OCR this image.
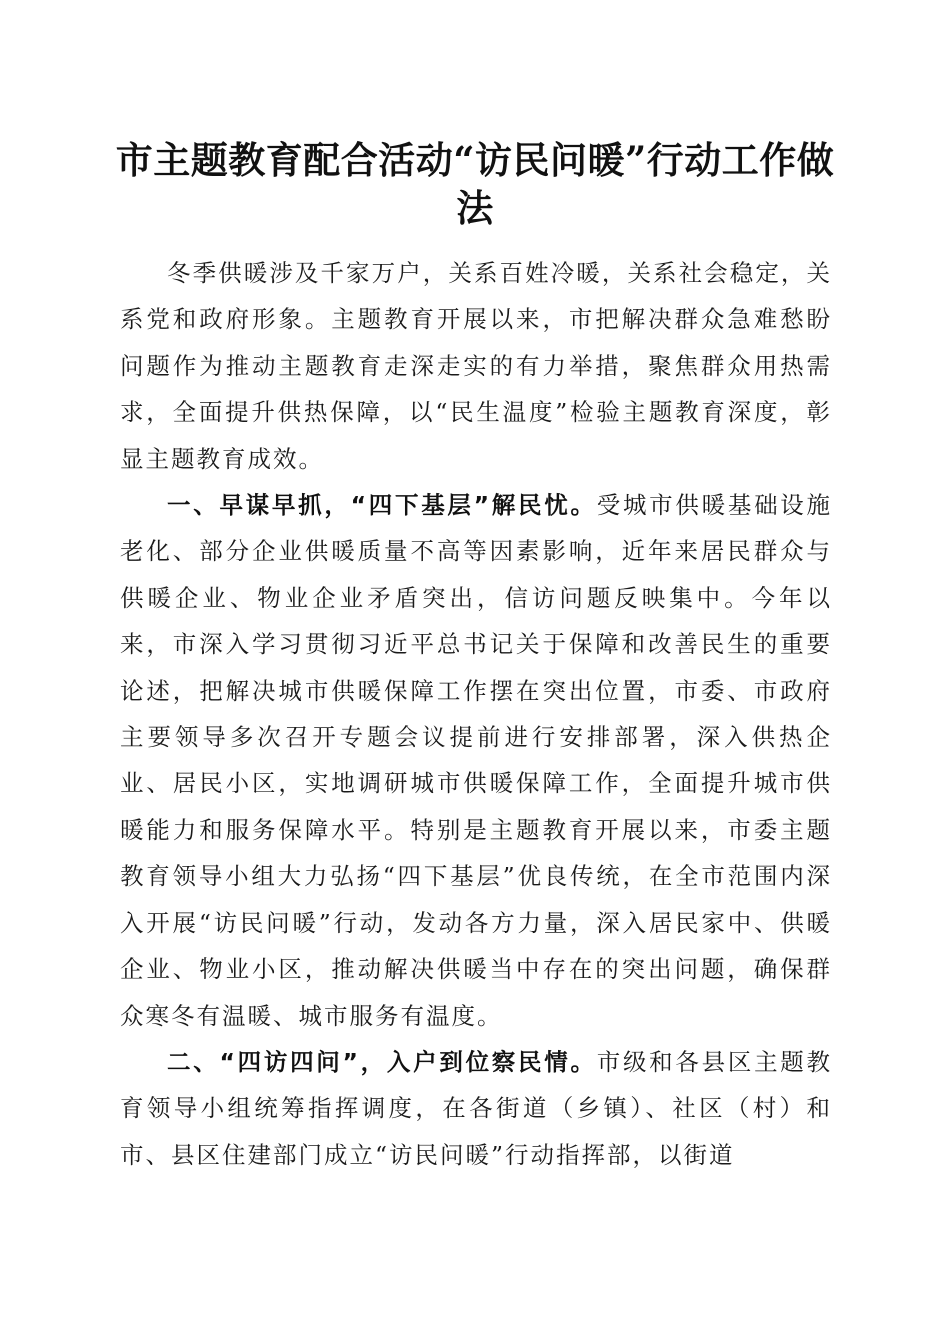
市主题教育配合活动“访民问暖”行动工作做法

冬季供暖涉及千家万户，关系百姓冷暖，关系社会稳定，关系党和政府形象。主题教育开展以来，市把解决群众急难愁盼问题作为推动主题教育走深走实的有力举措，聚焦群众用热需求，全面提升供热保障，以“民生温度”检验主题教育深度，彰显主题教育成效。

一、早谋早抓，“四下基层”解民忧。受城市供暖基础设施老化、部分企业供暖质量不高等因素影响，近年来居民群众与供暖企业、物业企业矛盾突出，信访问题反映集中。今年以来，市深入学习贯彻习近平总书记关于保障和改善民生的重要论述，把解决城市供暖保障工作摆在突出位置，市委、市政府主要领导多次召开专题会议提前进行安排部署，深入供热企业、居民小区，实地调研城市供暖保障工作，全面提升城市供暖能力和服务保障水平。特别是主题教育开展以来，市委主题教育领导小组大力弘扬“四下基层”优良传统，在全市范围内深入开展“访民问暖”行动，发动各方力量，深入居民家中、供暖企业、物业小区，推动解决供暖当中存在的突出问题，确保群众寒冬有温暖、城市服务有温度。

二、“四访四问”，入户到位察民情。市级和各县区主题教育领导小组统筹指挥调度，在各街道（乡镇）、社区（村）和市、县区住建部门成立“访民问暖”行动指挥部，以街道
